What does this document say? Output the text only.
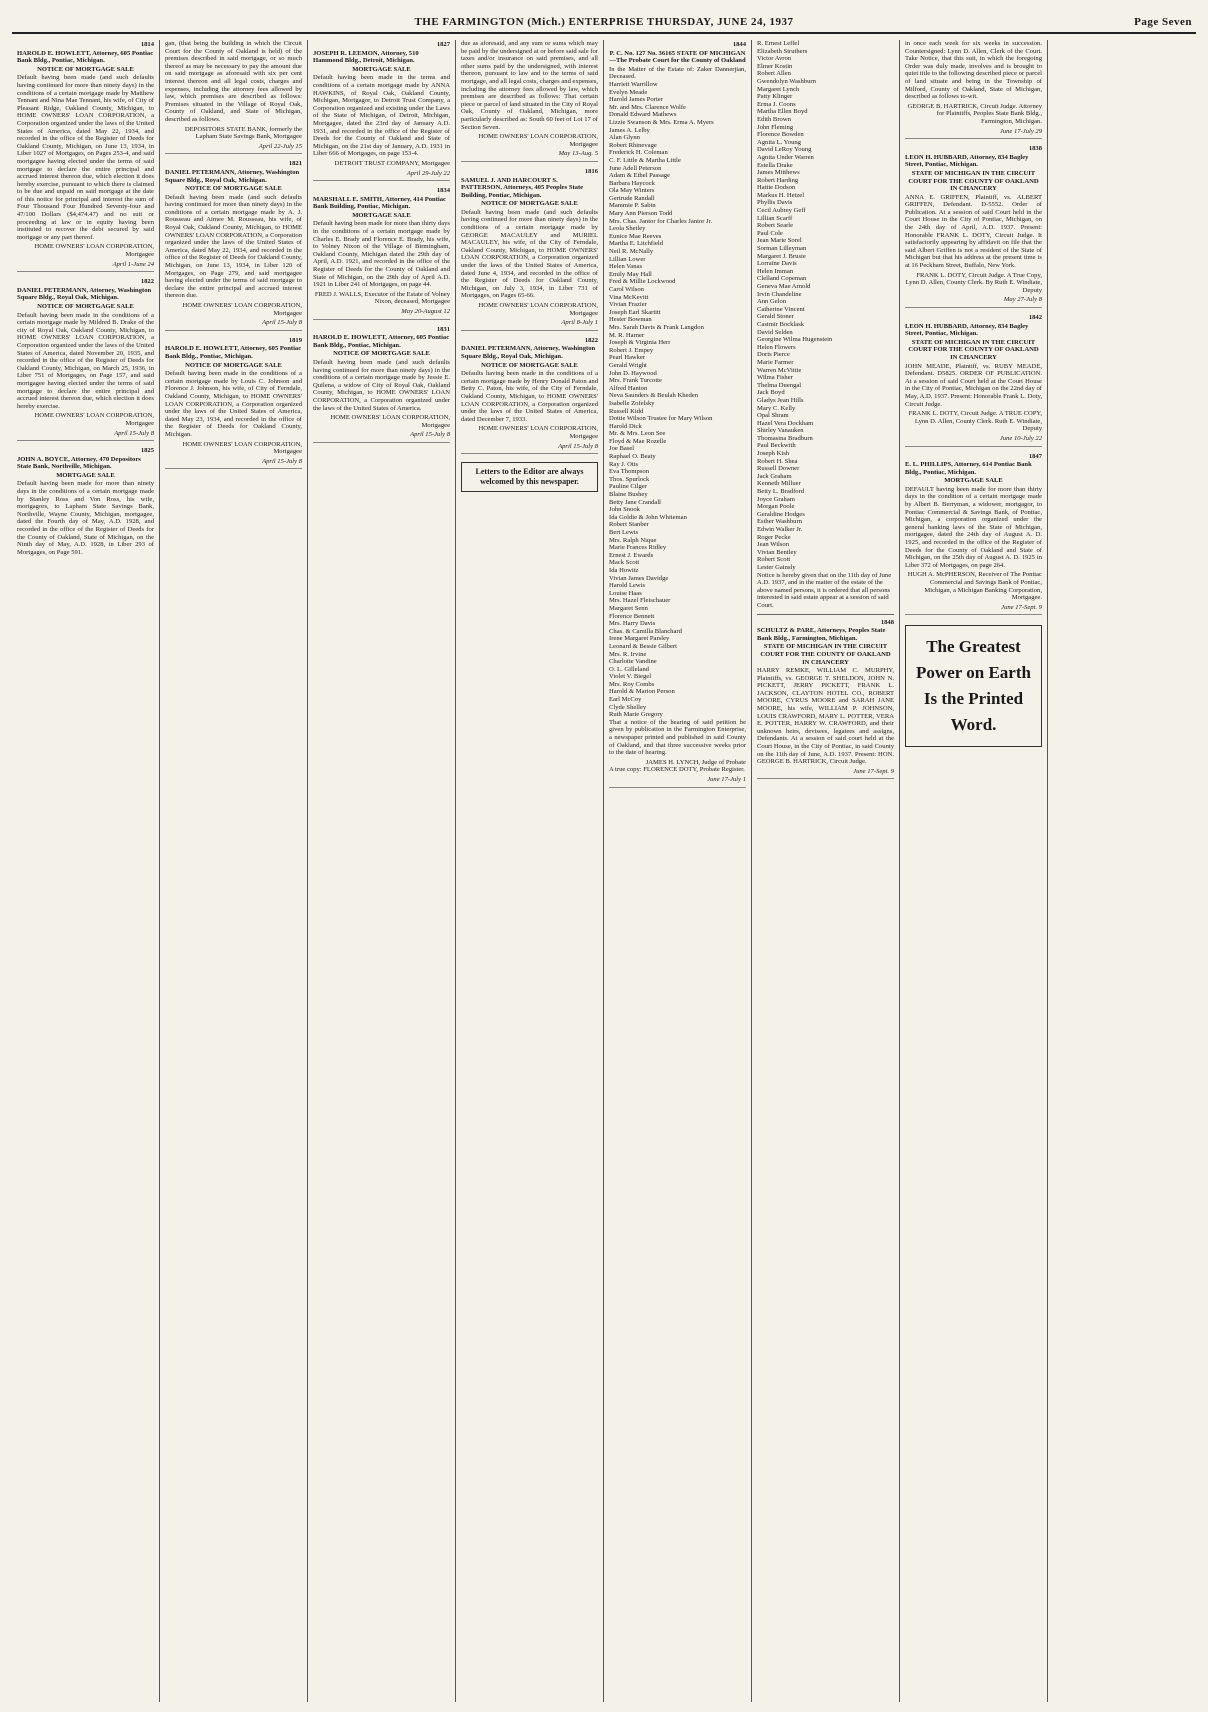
THE FARMINGTON (Mich.) ENTERPRISE THURSDAY, JUNE 24, 1937	Page Seven
1814
HAROLD E. HOWLETT, Attorney, 605 Pontiac Bank Bldg., Pontiac, Michigan.
NOTICE OF MORTGAGE SALE
Default having been made (and such defaults having continued for more than ninety days) in the conditions of a certain mortgage made by Matthew Tennant and Nina Mae Tennant, his wife, of City of Pleasant Ridge, Oakland County, Michigan, to HOME OWNERS' LOAN CORPORATION, a Corporation organized under the laws of the United States of America, dated May 22, 1934, and recorded in the office of the Register of Deeds for Oakland County, Michigan, on June 13, 1934, in Liber 1027 of Mortgages, on Pages 253-4, and said mortgagee having elected under the terms of said mortgage to declare the entire principal and accrued interest thereon due, which election it does hereby exercise, pursuant to which there is claimed to be due and unpaid on said mortgage at the date of this notice for principal and interest the sum of Four Thousand Four Hundred Seventy-four and 47/100 Dollars ($4,474.47) and no suit or proceeding at law or in equity having been instituted to recover the debt secured by said mortgage or any part thereof.
HOME OWNERS' LOAN CORPORATION, Mortgagee
April 1-June 24
1822
DANIEL PETERMANN, Attorney, Washington Square Bldg., Royal Oak, Michigan.
NOTICE OF MORTGAGE SALE
Default having been made in the conditions of a certain mortgage made by Mildred B. Drake of the city of Royal Oak, Oakland County, Michigan, to HOME OWNERS' LOAN CORPORATION, a Corporation organized under the laws of the United States of America, dated November 20, 1935, and recorded in the office of the Register of Deeds for Oakland County, Michigan, on March 25, 1936, in Liber 751 of Mortgages, on Page 157, and said mortgagee having elected under the terms of said mortgage to declare the entire principal and accrued interest thereon due, which election it does hereby exercise.
HOME OWNERS' LOAN CORPORATION, Mortgagee
April 15-July 8
1825
JOHN A. BOYCE, Attorney, 470 Depositors State Bank, Northville, Michigan.
MORTGAGE SALE
Default having been made for more than ninety days in the conditions of a certain mortgage made by Stanley Ross and Von Ross, his wife, mortgagors, to Lapham State Savings Bank, Northville, Wayne County, Michigan, mortgagee, dated the Fourth day of May, A.D. 1928, and recorded in the office of the Register of Deeds for the County of Oakland, State of Michigan, on the Ninth day of May, A.D. 1928, in Liber 293 of Mortgages, on Page 591.
gan, (that being the building in which the Circuit Court for the County of Oakland is held) of the premises described in said mortgage, or so much thereof as may be necessary to pay the amount due on said mortgage as aforesaid with six per cent interest thereon and all legal costs, charges and expenses, including the attorney fees allowed by law, which premises are described as follows: Premises situated in the Village of Royal Oak, County of Oakland, and State of Michigan, described as follows.
DEPOSITORS STATE BANK, formerly the Lapham State Savings Bank, Mortgagee
April 22-July 15
1821
DANIEL PETERMANN, Attorney, Washington Square Bldg., Royal Oak, Michigan.
NOTICE OF MORTGAGE SALE
Default having been made (and such defaults having continued for more than ninety days) in the conditions of a certain mortgage made by A. J. Rousseau and Aimee M. Rousseau, his wife, of Royal Oak, Oakland County, Michigan, to HOME OWNERS' LOAN CORPORATION, a Corporation organized under the laws of the United States of America, dated May 22, 1934, and recorded in the office of the Register of Deeds for Oakland County, Michigan, on June 13, 1934, in Liber 120 of Mortgages, on Page 279, and said mortgagee having elected under the terms of said mortgage to declare the entire principal and accrued interest thereon due.
HOME OWNERS' LOAN CORPORATION, Mortgagee
April 15-July 8
1819
HAROLD E. HOWLETT, Attorney, 605 Pontiac Bank Bldg., Pontiac, Michigan.
NOTICE OF MORTGAGE SALE
Default having been made in the conditions of a certain mortgage made by Louis C. Johnson and Florence J. Johnson, his wife, of City of Ferndale, Oakland County, Michigan, to HOME OWNERS' LOAN CORPORATION, a Corporation organized under the laws of the United States of America, dated May 23, 1934, and recorded in the office of the Register of Deeds for Oakland County, Michigan.
HOME OWNERS' LOAN CORPORATION, Mortgagee
April 15-July 8
1827
JOSEPH R. LEEMON, Attorney, 510 Hammond Bldg., Detroit, Michigan.
MORTGAGE SALE
Default having been made in the terms and conditions of a certain mortgage made by ANNA HAWKINS, of Royal Oak, Oakland County, Michigan, Mortgagor, to Detroit Trust Company, a Corporation organized and existing under the Laws of the State of Michigan, of Detroit, Michigan, Mortgagee, dated the 23rd day of January A.D. 1931, and recorded in the office of the Register of Deeds for the County of Oakland and State of Michigan, on the 21st day of January, A.D. 1931 in Liber 666 of Mortgages, on page 153-4.
DETROIT TRUST COMPANY, Mortgagee
April 29-July 22
1834
MARSHALL E. SMITH, Attorney, 414 Pontiac Bank Building, Pontiac, Michigan.
MORTGAGE SALE
Default having been made for more than thirty days in the conditions of a certain mortgage made by Charles E. Brady and Florence E. Brady, his wife, to Volney Nixon of the Village of Birmingham, Oakland County, Michigan dated the 29th day of April, A.D. 1921, and recorded in the office of the Register of Deeds for the County of Oakland and State of Michigan, on the 29th day of April A.D. 1921 in Liber 241 of Mortgages, on page 44.
FRED J. WALLS, Executor of the Estate of Volney Nixon, deceased, Mortgagee
May 20-August 12
1831
HAROLD E. HOWLETT, Attorney, 605 Pontiac Bank Bldg., Pontiac, Michigan.
NOTICE OF MORTGAGE SALE
Default having been made (and such defaults having continued for more than ninety days) in the conditions of a certain mortgage made by Jessie E. Quilena, a widow of City of Royal Oak, Oakland County, Michigan, to HOME OWNERS' LOAN CORPORATION, a Corporation organized under the laws of the United States of America.
HOME OWNERS' LOAN CORPORATION, Mortgagee
April 15-July 8
due as aforesaid, and any sum or sums which may be paid by the undersigned at or before said sale for taxes and/or insurance on said premises, and all other sums paid by the undersigned, with interest thereon, pursuant to law and to the terms of said mortgage, and all legal costs, charges and expenses, including the attorney fees allowed by law, which premises are described as follows: That certain piece or parcel of land situated in the City of Royal Oak, County of Oakland, Michigan, more particularly described as: South 60 feet of Lot 17 of Section Seven.
HOME OWNERS' LOAN CORPORATION, Mortgagee
May 13-Aug. 5
1816
SAMUEL J. AND HARCOURT S. PATTERSON, Attorneys, 405 Peoples State Building, Pontiac, Michigan.
NOTICE OF MORTGAGE SALE
Default having been made (and such defaults having continued for more than ninety days) in the conditions of a certain mortgage made by GEORGE MACAULEY and MURIEL MACAULEY, his wife, of the City of Ferndale, Oakland County, Michigan, to HOME OWNERS' LOAN CORPORATION, a Corporation organized under the laws of the United States of America, dated June 4, 1934, and recorded in the office of the Register of Deeds for Oakland County, Michigan, on July 3, 1934, in Liber 731 of Mortgages, on Pages 65-66.
HOME OWNERS' LOAN CORPORATION, Mortgagee
April 8-July 1
1822
DANIEL PETERMANN, Attorney, Washington Square Bldg., Royal Oak, Michigan.
NOTICE OF MORTGAGE SALE
Defaults having been made in the conditions of a certain mortgage made by Henry Donald Paton and Betty C. Paton, his wife, of the City of Ferndale, Oakland County, Michigan, to HOME OWNERS' LOAN CORPORATION, a Corporation organized under the laws of the United States of America, dated December 7, 1933.
HOME OWNERS' LOAN CORPORATION, Mortgagee
April 15-July 8
Letters to the Editor are always welcomed by this newspaper.
1844
P. C. No. 127 No. 36165 STATE OF MICHIGAN—The Probate Court for the County of Oakland
In the Matter of the Estate of: Zaker Dannerjian, Deceased.
Harriett Warrillow
Evelyn Meade
Harold James Porter
Mr. and Mrs. Clarence Wolfe
Donald Edward Mathews
Lizzie Swanson & Mrs. Erma A. Myers
James A. Lelby
Alan Glynn
Robert Rhinevage
Frederick H. Coleman
C. F. Little & Martha Little
June Adell Peterson
Adam & Ethel Passage
Barbara Haycock
Ola May Winters
Gertrude Randall
Mammie P. Sabin
Mary Ann Pierson Todd
Mrs. Chas. Jantor for Charles Jantor Jr.
Leola Shetley
Eunice Mae Reeves
Martha E. Litchfield
Neil R. McNally
Lillian Lower
Helen Vanas
Emily May Hall
Fred & Millie Lockwood
Carol Wilson
Vina McKevitt
Vivian Frazier
Joseph Earl Skartitt
Hester Bowman
Mrs. Sarah Davis & Frank Langdon
M. R. Harner
Joseph & Virginia Herr
Robert J. Empey
Pearl Hawker
Gerald Wright
John D. Haywood
Mrs. Frank Turcotte
Alfred Hanton
Neva Saunders & Beulah Kheden
Isabelle Zofelsky
Russell Kidd
Dottie Wilson Trustee for Mary Wilson
Harold Dick
Mr. & Mrs. Leon See
Floyd & Mae Rozelle
Joe Basel
Raphael O. Beaty
Ray J. Otis
Eva Thompson
Thos. Spurlock
Pauline Cilger
Blaine Bushey
Betty Jane Crandall
John Snook
Ida Goldie & John Whiteman
Robert Stanber
Bert Lewis
Mrs. Ralph Nique
Marie Frances Ridley
Ernest J. Ewards
Mack Scott
Ida Howitz
Vivian James Davidge
Harold Lewis
Louise Haas
Mrs. Hazel Fleischauer
Margaret Senn
Florence Bennett
Mrs. Harry Davis
Chas. & Camilla Blanchard
Irene Margaret Parsley
Leonard & Bessie Gilbert
Mrs. R. Irvine
Charlotte Vandine
O. L. Gilleland
Violet V. Biegel
Mrs. Roy Combs
Harold & Marion Person
Earl McCoy
Clyde Shelley
Ruth Marie Gregory
That a notice of the hearing of said petition be given by publication in the Farmington Enterprise, a newspaper printed and published in said County of Oakland, and that three successive weeks prior to the date of hearing.
JAMES H. LYNCH, Judge of Probate
A true copy: FLORENCE DOTY, Probate Register.
June 17-July 1
R. Ernest Leffel
Elizabeth Struthers
Victor Avron
Elmer Kostin
Robert Allen
Gwendolyn Washburn
Margaret Lynch
Patty Klinger
Erma J. Coons
Martha Ellen Boyd
Edith Brown
John Fleming
Florence Bowden
Agnita L. Young
David LeRoy Young
Agnita Under Warren
Estella Drake
James Mitthews
Robert Harding
Hattie Dodson
Markus H. Hetzel
Phyllis Davis
Cecil Aubrey Geff
Lillian Scarff
Robert Searle
Paul Cole
Jean Marie Sorel
Sorman Lilleyman
Margaret J. Brusie
Lorraine Davis
Helen Imman
Clelland Copeman
Geneva Mae Arnold
Irvin Chandeline
Ann Gelon
Catherine Vincent
Gerald Stoner
Casimir Bocklask
David Selden
Georgine Wilma Hugenstein
Helen Flowers
Doris Pierce
Marie Farmer
Warren McVittie
Wilma Fisher
Thelma Duengal
Jack Boyd
Gladys Jean Hills
Mary C. Kelly
Opal Shram
Hazel Vera Dockham
Shirley Vanauken
Thomasina Bradburn
Paul Beckwith
Joseph Kish
Robert H. Shea
Russell Downer
Jack Graham
Kenneth Milluer
Betty L. Bradford
Joyce Graham
Morgan Poole
Geraldine Hodges
Esther Washburn
Edwin Walker Jr.
Roger Pecke
Jean Wilson
Vivian Bentley
Robert Scott
Lester Gainsly
Notice is hereby given that on the 11th day of June A.D. 1937, and in the matter of the estate of the above named persons, it is ordered that all persons interested in said estate appear at a session of said Court.
1848
SCHULTZ & PARE, Attorneys, Peoples State Bank Bldg., Farmington, Michigan.
STATE OF MICHIGAN IN THE CIRCUIT COURT FOR THE COUNTY OF OAKLAND IN CHANCERY
HARRY REMKE, WILLIAM C. MURPHY, Plaintiffs, vs. GEORGE T. SHELDON, JOHN N. PICKETT, JERRY PICKETT, FRANK L. JACKSON, CLAYTON HOTEL CO., ROBERT MOORE, CYRUS MOORE and SARAH JANE MOORE, his wife, WILLIAM P. JOHNSON, LOUIS CRAWFORD, MARY L. POTTER, VERA E. POTTER, HARRY W. CRAWFORD, and their unknown heirs, devisees, legatees and assigns, Defendants. At a session of said court held at the Court House, in the City of Pontiac, in said County on the 11th day of June, A.D. 1937. Present: HON. GEORGE B. HARTRICK, Circuit Judge.
June 17-Sept. 9
in once each week for six weeks in succession. Countersigned: Lynn D. Allen, Clerk of the Court. Take Notice, that this suit, in which the foregoing Order was duly made, involves and is brought to quiet title to the following described piece or parcel of land situate and being in the Township of Milford, County of Oakland, State of Michigan, described as follows to-wit.
GEORGE B. HARTRICK, Circuit Judge. Attorney for Plaintiffs, Peoples State Bank Bldg., Farmington, Michigan.
June 17-July 29
1838
LEON H. HUBBARD, Attorney, 834 Bagley Street, Pontiac, Michigan.
STATE OF MICHIGAN IN THE CIRCUIT COURT FOR THE COUNTY OF OAKLAND IN CHANCERY
ANNA E. GRIFFEN, Plaintiff, vs. ALBERT GRIFFEN, Defendant. D-5552. Order of Publication. At a session of said Court held in the Court House in the City of Pontiac, Michigan, on the 24th day of April, A.D. 1937. Present: Honorable FRANK L. DOTY, Circuit Judge. It satisfactorily appearing by affidavit on file that the said Albert Griffen is not a resident of the State of Michigan but that his address at the present time is at 16 Peckham Street, Buffalo, New York.
FRANK L. DOTY, Circuit Judge. A True Copy, Lynn D. Allen, County Clerk. By Ruth E. Windiate, Deputy
May 27-July 8
1842
LEON H. HUBBARD, Attorney, 834 Bagley Street, Pontiac, Michigan.
STATE OF MICHIGAN IN THE CIRCUIT COURT FOR THE COUNTY OF OAKLAND IN CHANCERY
JOHN MEADE, Plaintiff, vs. RUBY MEADE, Defendant. D5825. ORDER OF PUBLICATION. At a session of said Court held at the Court House in the City of Pontiac, Michigan on the 22nd day of May, A.D. 1937. Present: Honorable Frank L. Doty, Circuit Judge.
FRANK L. DOTY, Circuit Judge. A TRUE COPY, Lynn D. Allen, County Clerk. Ruth E. Windiate, Deputy
June 10-July 22
1847
E. L. PHILLIPS, Attorney, 614 Pontiac Bank Bldg., Pontiac, Michigan.
MORTGAGE SALE
DEFAULT having been made for more than thirty days in the condition of a certain mortgage made by Albert B. Berryman, a widower, mortgagor, to Pontiac Commercial & Savings Bank, of Pontiac, Michigan, a corporation organized under the general banking laws of the State of Michigan, mortgagee, dated the 24th day of August A. D. 1925, and recorded in the office of the Register of Deeds for the County of Oakland and State of Michigan, on the 25th day of August A. D. 1925 in Liber 372 of Mortgages, on page 264.
HUGH A. McPHERSON, Receiver of The Pontiac Commercial and Savings Bank of Pontiac, Michigan, a Michigan Banking Corporation, Mortgagee.
June 17-Sept. 9
The Greatest
Power on Earth
Is the Printed Word.
